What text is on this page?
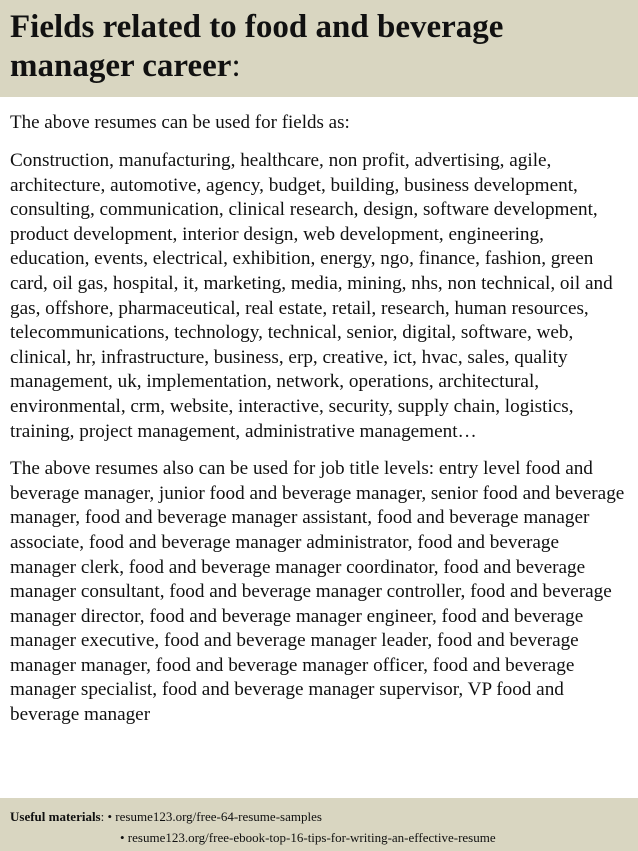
Fields related to food and beverage manager career:

The above resumes can be used for fields as:

Construction, manufacturing, healthcare, non profit, advertising, agile, architecture, automotive, agency, budget, building, business development, consulting, communication, clinical research, design, software development, product development, interior design, web development, engineering, education, events, electrical, exhibition, energy, ngo, finance, fashion, green card, oil gas, hospital, it, marketing, media, mining, nhs, non technical, oil and gas, offshore, pharmaceutical, real estate, retail, research, human resources, telecommunications, technology, technical, senior, digital, software, web, clinical, hr, infrastructure, business, erp, creative, ict, hvac, sales, quality management, uk, implementation, network, operations, architectural, environmental, crm, website, interactive, security, supply chain, logistics, training, project management, administrative management…

The above resumes also can be used for job title levels: entry level food and beverage manager, junior food and beverage manager, senior food and beverage manager, food and beverage manager assistant, food and beverage manager associate, food and beverage manager administrator, food and beverage manager clerk, food and beverage manager coordinator, food and beverage manager consultant, food and beverage manager controller, food and beverage manager director, food and beverage manager engineer, food and beverage manager executive, food and beverage manager leader, food and beverage manager manager, food and beverage manager officer, food and beverage manager specialist, food and beverage manager supervisor, VP food and beverage manager

Useful materials: • resume123.org/free-64-resume-samples
• resume123.org/free-ebook-top-16-tips-for-writing-an-effective-resume
